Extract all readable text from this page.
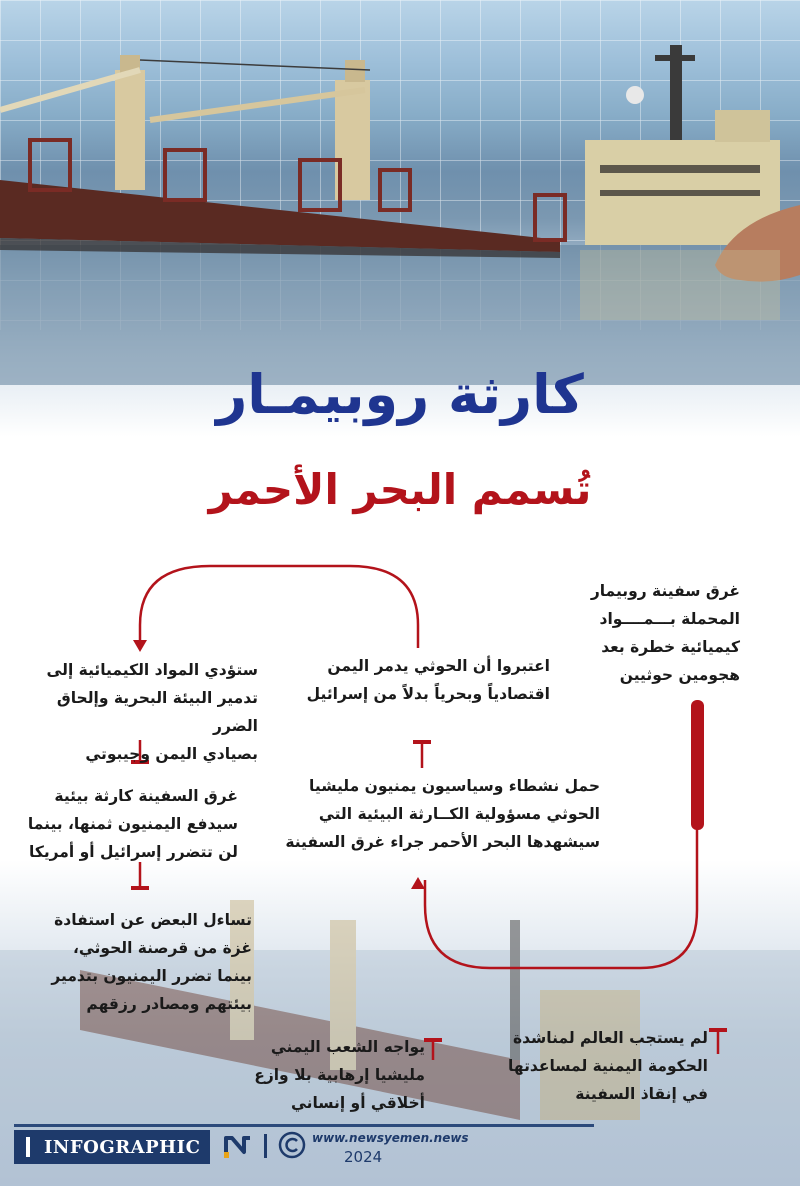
كارثة روبيمـار
تُسمم البحر الأحمر

غرق سفينة روبيمار
المحملة بـــمــــواد
كيميائية خطرة بعد
هجومين حوثيين

اعتبروا أن الحوثي يدمر اليمن
اقتصادياً وبحرياً بدلاً من إسرائيل

ستؤدي المواد الكيميائية إلى
تدمير البيئة البحرية وإلحاق الضرر
بصيادي اليمن وجيبوتي

غرق السفينة كارثة بيئية
سيدفع اليمنيون ثمنها، بينما
لن تتضرر إسرائيل أو أمريكا

حمل نشطاء وسياسيون يمنيون مليشيا
الحوثي مسؤولية الكــارثة البيئية التي
سيشهدها البحر الأحمر جراء غرق السفينة

تساءل البعض عن استفادة
غزة من قرصنة الحوثي،
بينما تضرر اليمنيون بتدمير
بيئتهم ومصادر رزقهم

لم يستجب العالم لمناشدة
الحكومة اليمنية لمساعدتها
في إنقاذ السفينة

يواجه الشعب اليمني
مليشيا إرهابية بلا وازع
أخلاقي أو إنساني

INFOGRAPHIC	www.newsyemen.news
2024
